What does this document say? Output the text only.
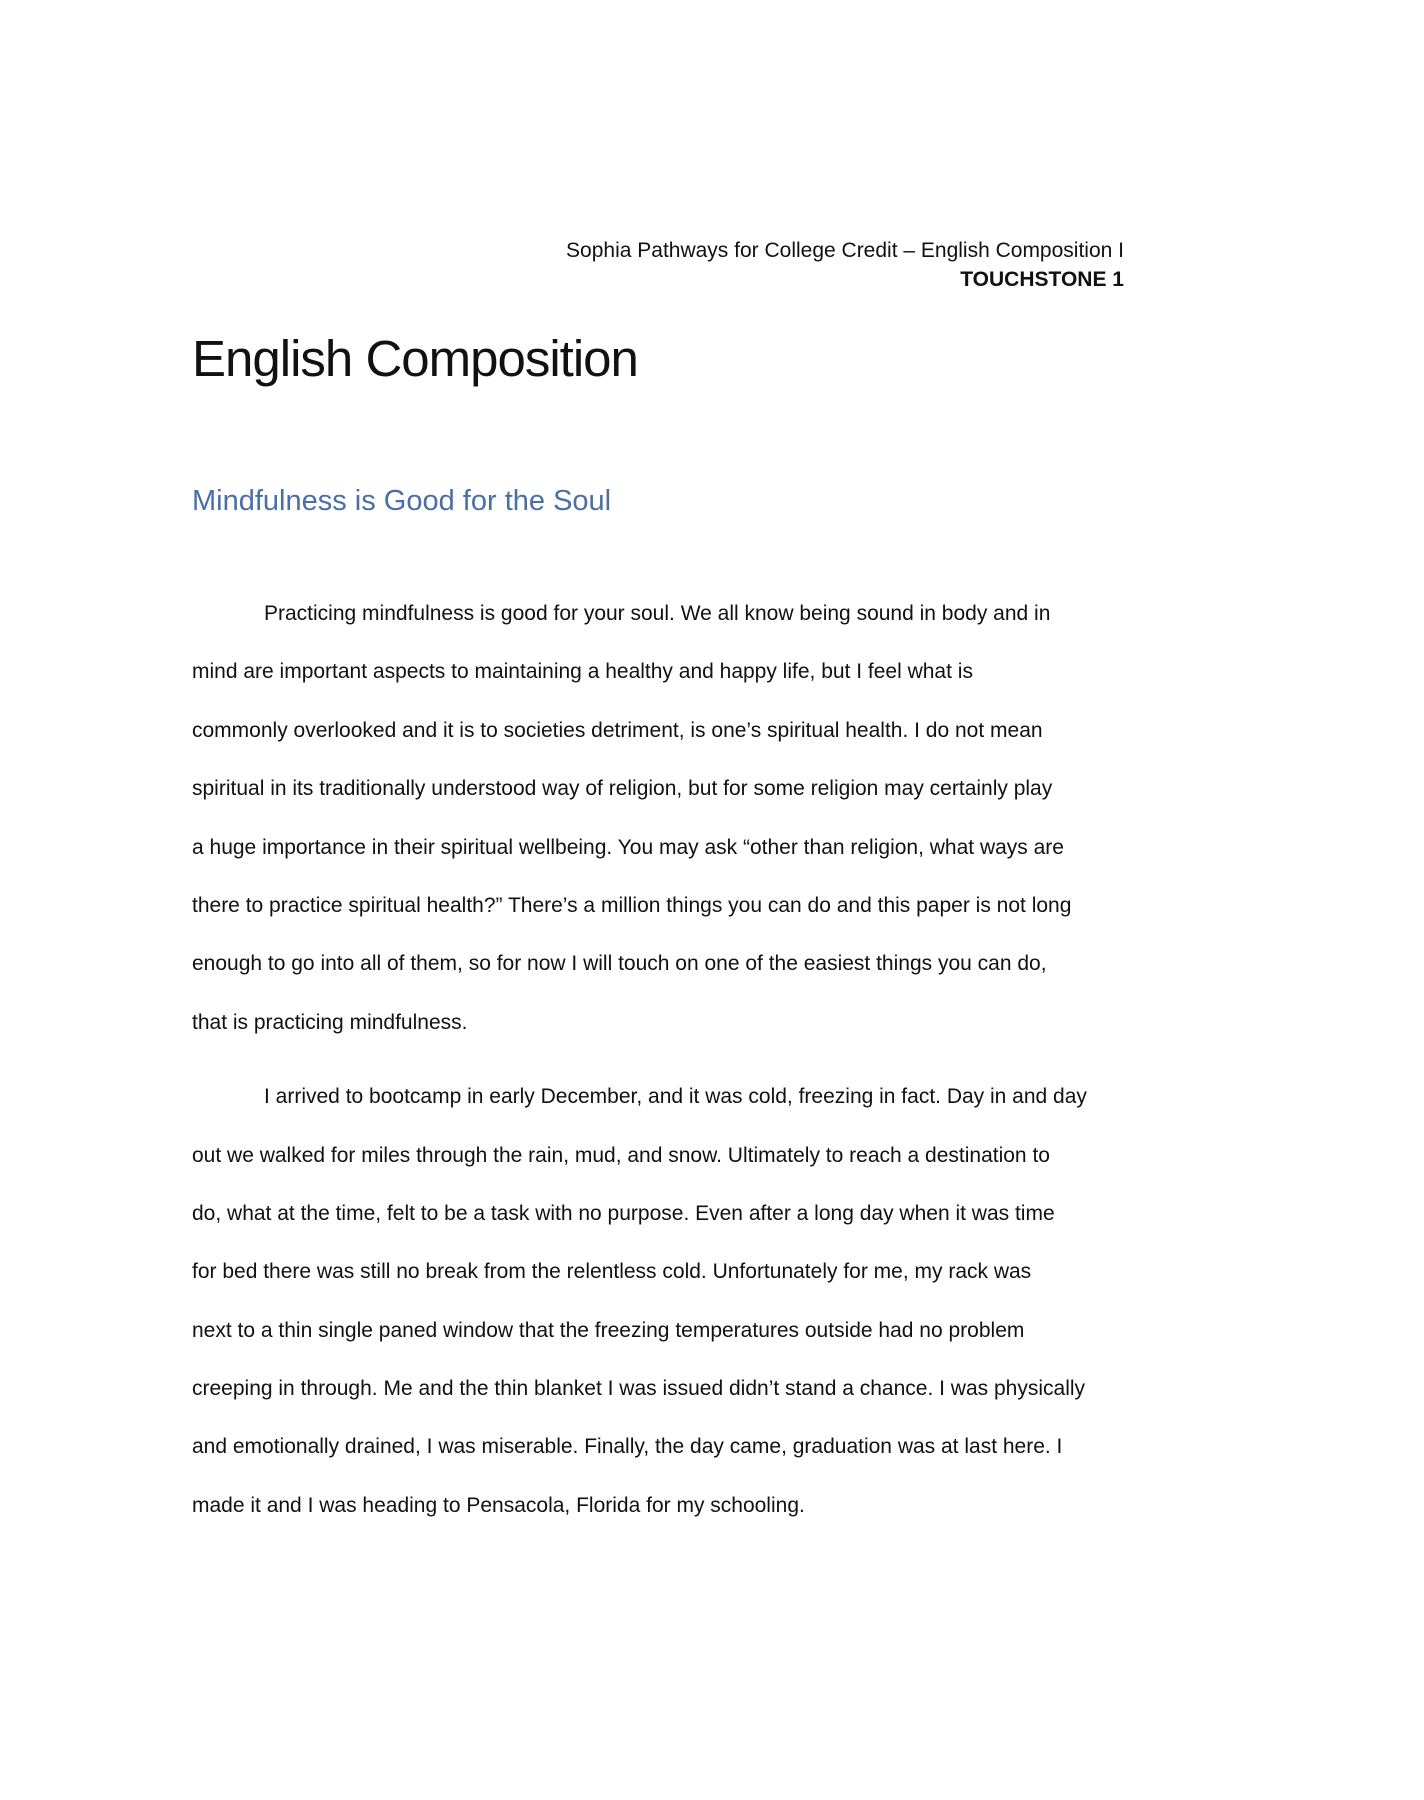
Sophia Pathways for College Credit – English Composition I
TOUCHSTONE 1
English Composition
Mindfulness is Good for the Soul
Practicing mindfulness is good for your soul. We all know being sound in body and in
mind are important aspects to maintaining a healthy and happy life, but I feel what is
commonly overlooked and it is to societies detriment, is one’s spiritual health. I do not mean
spiritual in its traditionally understood way of religion, but for some religion may certainly play
a huge importance in their spiritual wellbeing. You may ask “other than religion, what ways are
there to practice spiritual health?” There’s a million things you can do and this paper is not long
enough to go into all of them, so for now I will touch on one of the easiest things you can do,
that is practicing mindfulness.
I arrived to bootcamp in early December, and it was cold, freezing in fact. Day in and day
out we walked for miles through the rain, mud, and snow. Ultimately to reach a destination to
do, what at the time, felt to be a task with no purpose. Even after a long day when it was time
for bed there was still no break from the relentless cold. Unfortunately for me, my rack was
next to a thin single paned window that the freezing temperatures outside had no problem
creeping in through. Me and the thin blanket I was issued didn’t stand a chance. I was physically
and emotionally drained, I was miserable. Finally, the day came, graduation was at last here. I
made it and I was heading to Pensacola, Florida for my schooling.
